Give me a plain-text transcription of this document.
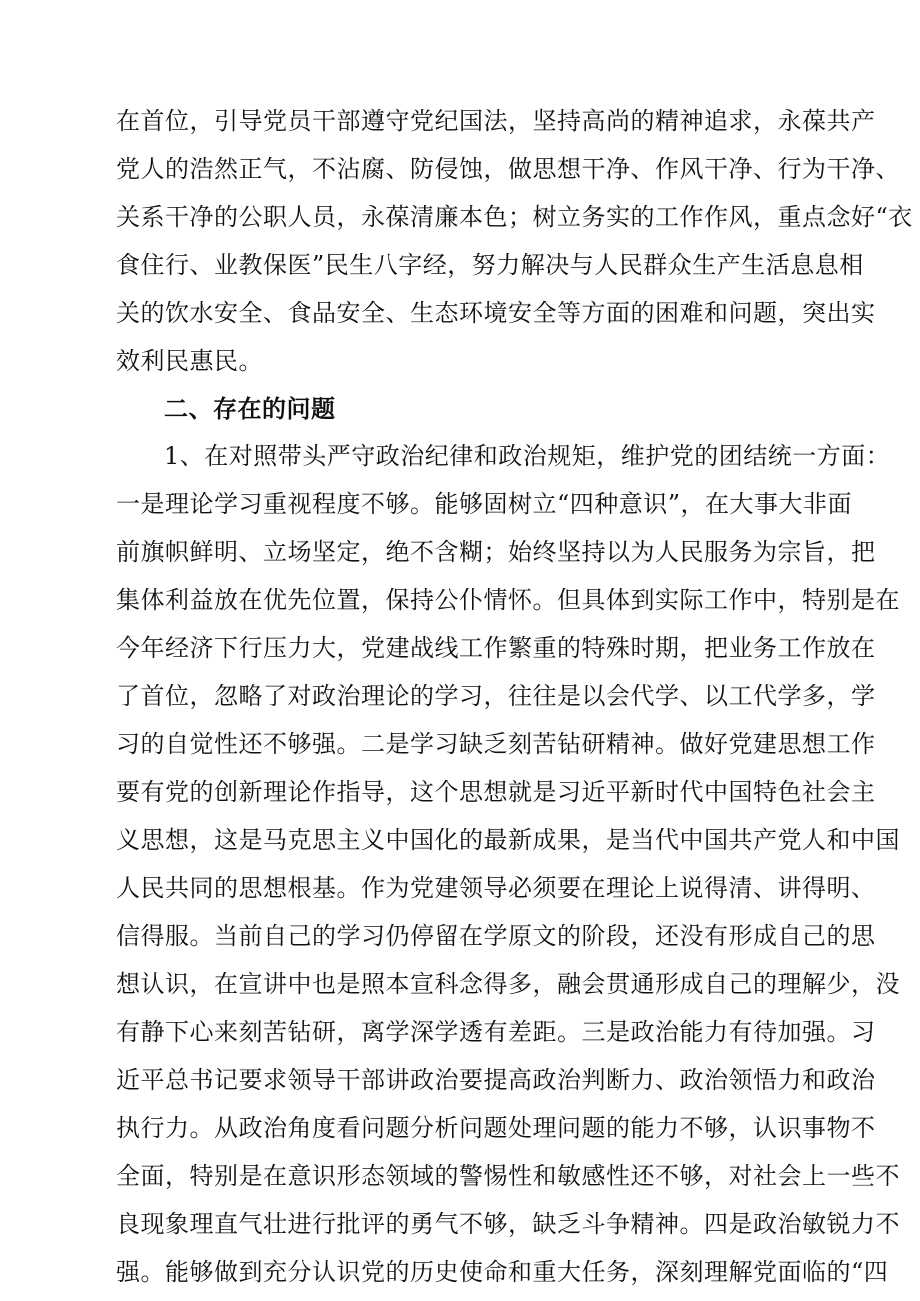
在首位，引导党员干部遵守党纪国法，坚持高尚的精神追求，永葆共产
党人的浩然正气，不沾腐、防侵蚀，做思想干净、作风干净、行为干净、
关系干净的公职人员，永葆清廉本色；树立务实的工作作风，重点念好“衣
食住行、业教保医”民生八字经，努力解决与人民群众生产生活息息相
关的饮水安全、食品安全、生态环境安全等方面的困难和问题，突出实
效利民惠民。
二、存在的问题
1、在对照带头严守政治纪律和政治规矩，维护党的团结统一方面：
一是理论学习重视程度不够。能够固树立“四种意识”，在大事大非面
前旗帜鲜明、立场坚定，绝不含糊；始终坚持以为人民服务为宗旨，把
集体利益放在优先位置，保持公仆情怀。但具体到实际工作中，特别是在
今年经济下行压力大，党建战线工作繁重的特殊时期，把业务工作放在
了首位，忽略了对政治理论的学习，往往是以会代学、以工代学多，学
习的自觉性还不够强。二是学习缺乏刻苦钻研精神。做好党建思想工作
要有党的创新理论作指导，这个思想就是习近平新时代中国特色社会主
义思想，这是马克思主义中国化的最新成果，是当代中国共产党人和中国
人民共同的思想根基。作为党建领导必须要在理论上说得清、讲得明、
信得服。当前自己的学习仍停留在学原文的阶段，还没有形成自己的思
想认识，在宣讲中也是照本宣科念得多，融会贯通形成自己的理解少，没
有静下心来刻苦钻研，离学深学透有差距。三是政治能力有待加强。习
近平总书记要求领导干部讲政治要提高政治判断力、政治领悟力和政治
执行力。从政治角度看问题分析问题处理问题的能力不够，认识事物不
全面，特别是在意识形态领域的警惕性和敏感性还不够，对社会上一些不
良现象理直气壮进行批评的勇气不够，缺乏斗争精神。四是政治敏锐力不
强。能够做到充分认识党的历史使命和重大任务，深刻理解党面临的“四
